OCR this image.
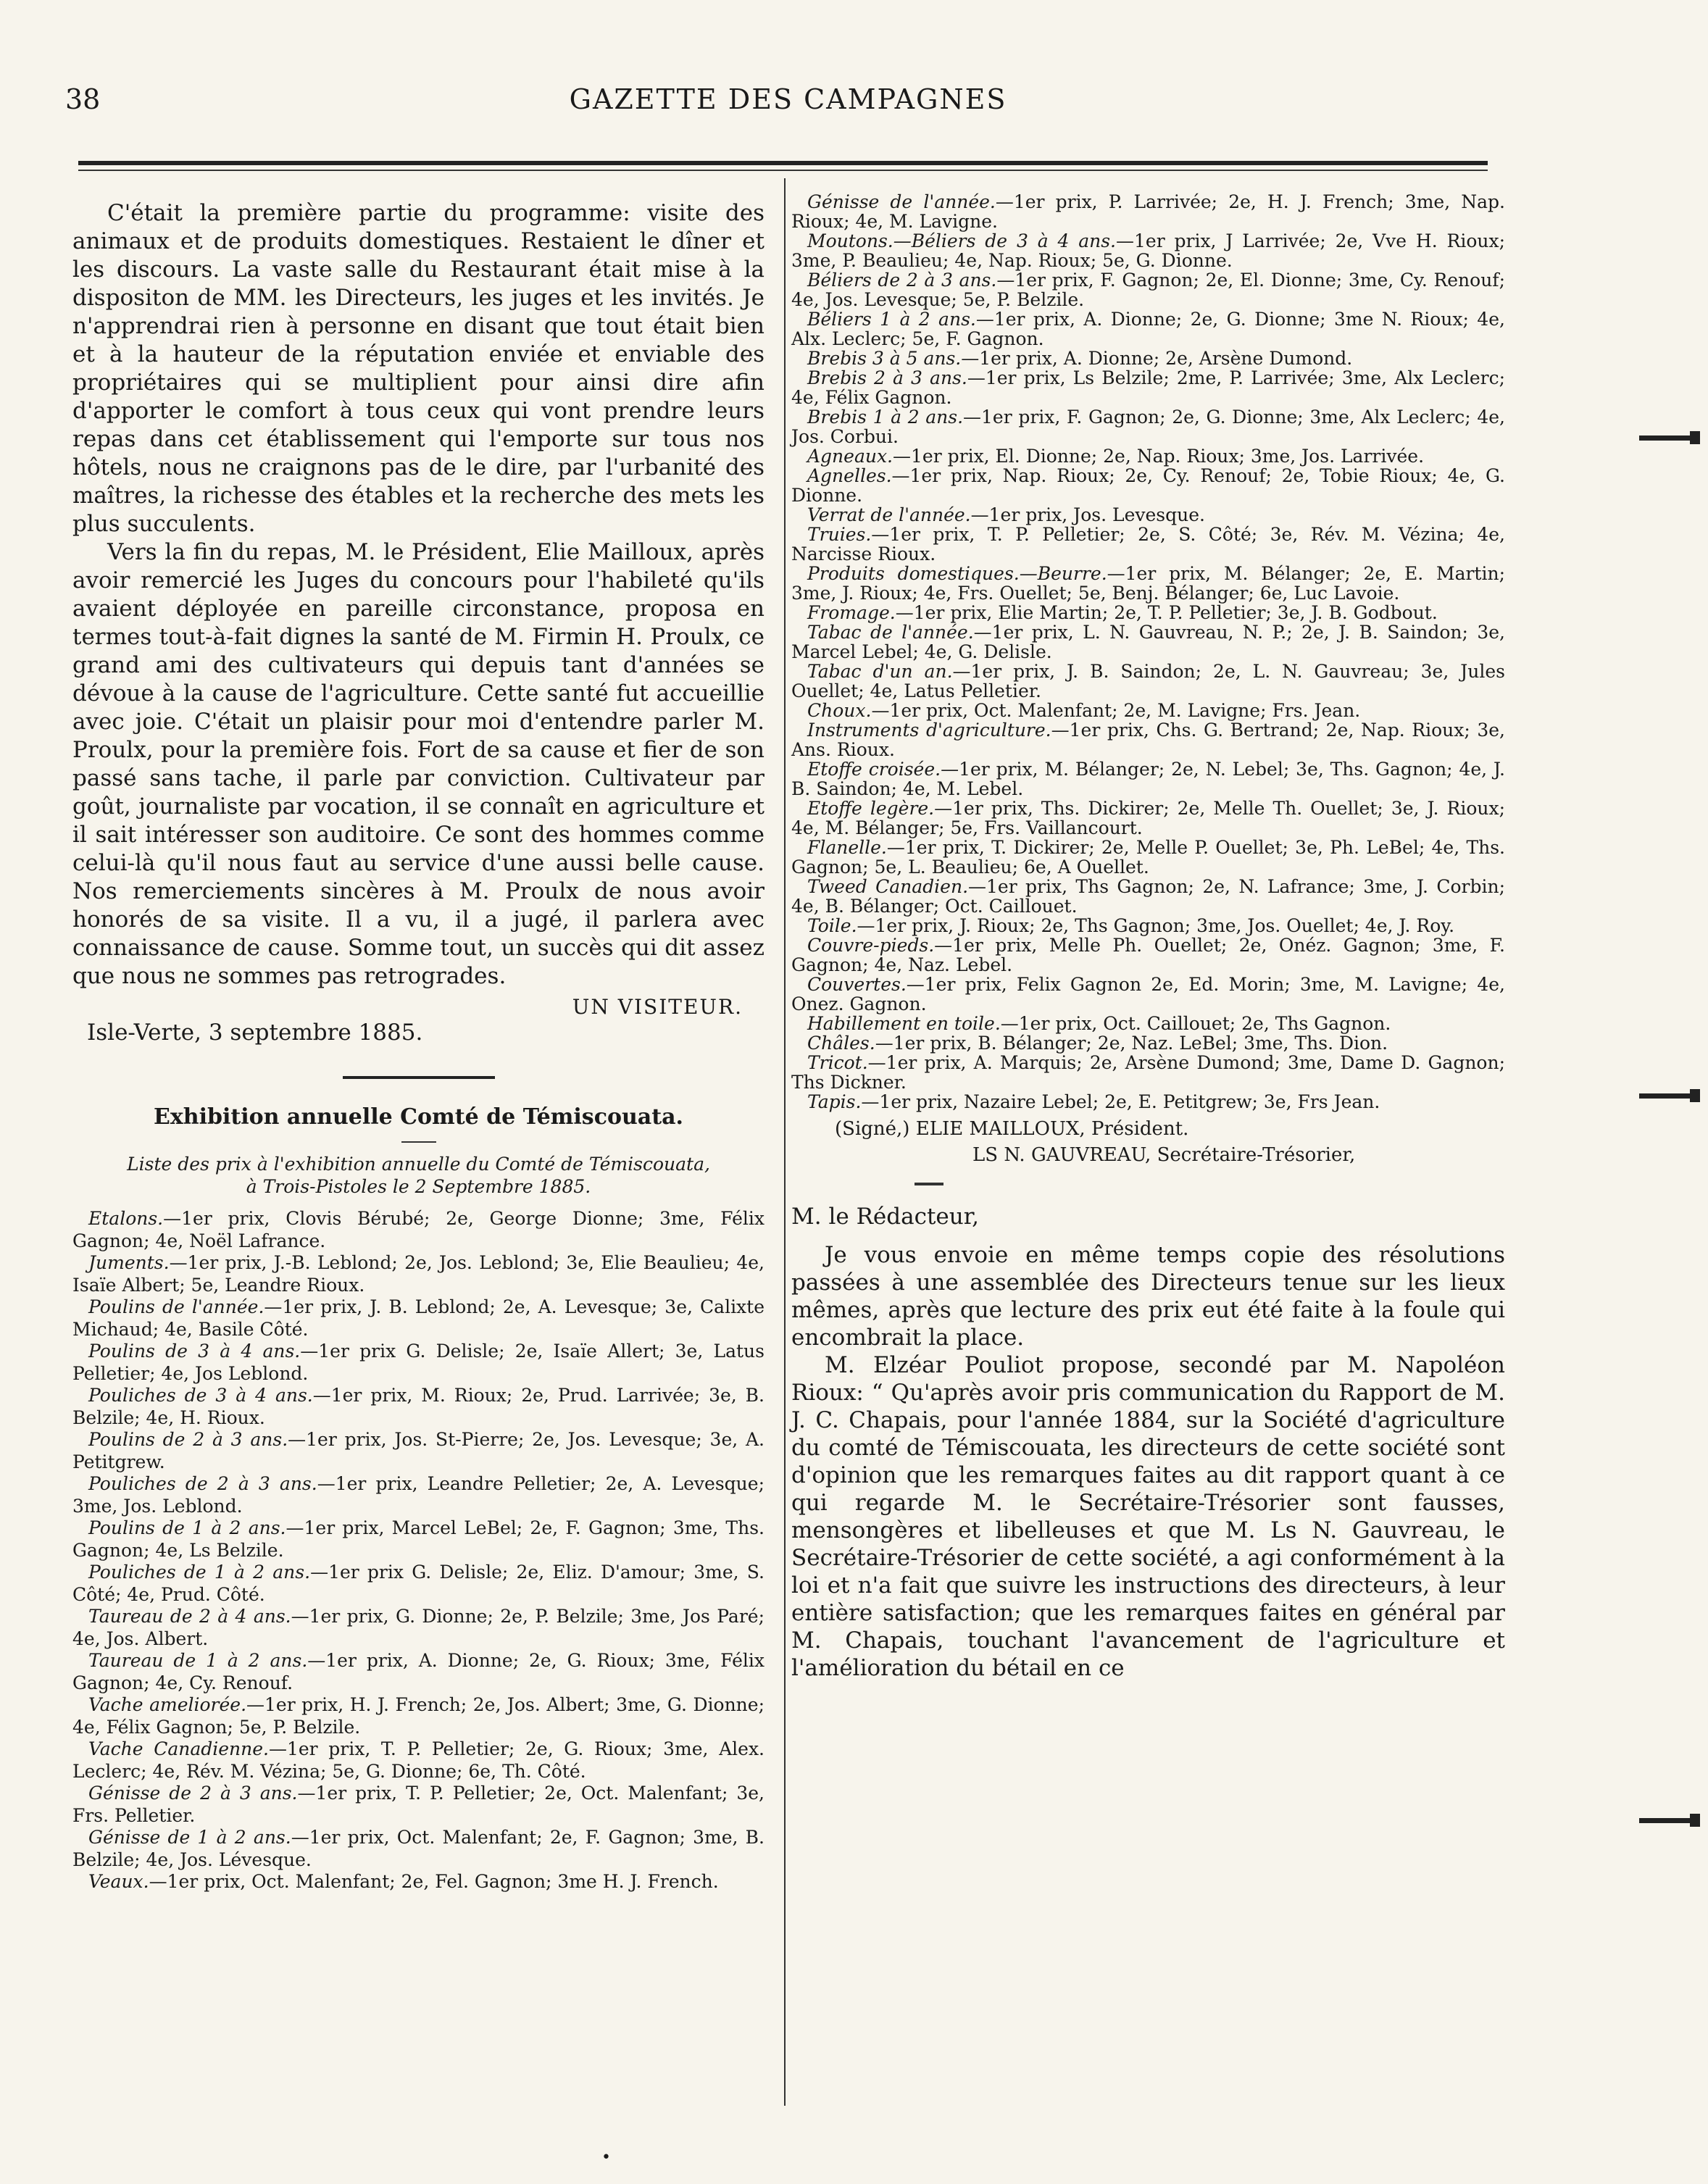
38	GAZETTE DES CAMPAGNES

C'était la première partie du programme: visite des animaux et de produits domestiques. Restaient le dîner et les discours. La vaste salle du Restaurant était mise à la dispositon de MM. les Directeurs, les juges et les invités. Je n'apprendrai rien à personne en disant que tout était bien et à la hauteur de la réputation enviée et enviable des propriétaires qui se multiplient pour ainsi dire afin d'apporter le comfort à tous ceux qui vont prendre leurs repas dans cet établissement qui l'emporte sur tous nos hôtels, nous ne craignons pas de le dire, par l'urbanité des maîtres, la richesse des étables et la recherche des mets les plus succulents.

Vers la fin du repas, M. le Président, Elie Mailloux, après avoir remercié les Juges du concours pour l'habileté qu'ils avaient déployée en pareille circonstance, proposa en termes tout-à-fait dignes la santé de M. Firmin H. Proulx, ce grand ami des cultivateurs qui depuis tant d'années se dévoue à la cause de l'agriculture. Cette santé fut accueillie avec joie. C'était un plaisir pour moi d'entendre parler M. Proulx, pour la première fois. Fort de sa cause et fier de son passé sans tache, il parle par conviction. Cultivateur par goût, journaliste par vocation, il se connaît en agriculture et il sait intéresser son auditoire. Ce sont des hommes comme celui-là qu'il nous faut au service d'une aussi belle cause. Nos remerciements sincères à M. Proulx de nous avoir honorés de sa visite. Il a vu, il a jugé, il parlera avec connaissance de cause. Somme tout, un succès qui dit assez que nous ne sommes pas retrogrades.

UN VISITEUR.

Isle-Verte, 3 septembre 1885.

Exhibition annuelle Comté de Témiscouata.
Liste des prix à l'exhibition annuelle du Comté de Témiscouata,
à Trois-Pistoles le 2 Septembre 1885.

Etalons.—1er prix, Clovis Bérubé; 2e, George Dionne; 3me, Félix Gagnon; 4e, Noël Lafrance.

Juments.—1er prix, J.-B. Leblond; 2e, Jos. Leblond; 3e, Elie Beaulieu; 4e, Isaïe Albert; 5e, Leandre Rioux.

Poulins de l'année.—1er prix, J. B. Leblond; 2e, A. Levesque; 3e, Calixte Michaud; 4e, Basile Côté.

Poulins de 3 à 4 ans.—1er prix G. Delisle; 2e, Isaïe Allert; 3e, Latus Pelletier; 4e, Jos Leblond.

Pouliches de 3 à 4 ans.—1er prix, M. Rioux; 2e, Prud. Larrivée; 3e, B. Belzile; 4e, H. Rioux.

Poulins de 2 à 3 ans.—1er prix, Jos. St-Pierre; 2e, Jos. Levesque; 3e, A. Petitgrew.

Pouliches de 2 à 3 ans.—1er prix, Leandre Pelletier; 2e, A. Levesque; 3me, Jos. Leblond.

Poulins de 1 à 2 ans.—1er prix, Marcel LeBel; 2e, F. Gagnon; 3me, Ths. Gagnon; 4e, Ls Belzile.

Pouliches de 1 à 2 ans.—1er prix G. Delisle; 2e, Eliz. D'amour; 3me, S. Côté; 4e, Prud. Côté.

Taureau de 2 à 4 ans.—1er prix, G. Dionne; 2e, P. Belzile; 3me, Jos Paré; 4e, Jos. Albert.

Taureau de 1 à 2 ans.—1er prix, A. Dionne; 2e, G. Rioux; 3me, Félix Gagnon; 4e, Cy. Renouf.

Vache ameliorée.—1er prix, H. J. French; 2e, Jos. Albert; 3me, G. Dionne; 4e, Félix Gagnon; 5e, P. Belzile.

Vache Canadienne.—1er prix, T. P. Pelletier; 2e, G. Rioux; 3me, Alex. Leclerc; 4e, Rév. M. Vézina; 5e, G. Dionne; 6e, Th. Côté.

Génisse de 2 à 3 ans.—1er prix, T. P. Pelletier; 2e, Oct. Malenfant; 3e, Frs. Pelletier.

Génisse de 1 à 2 ans.—1er prix, Oct. Malenfant; 2e, F. Gagnon; 3me, B. Belzile; 4e, Jos. Lévesque.

Veaux.—1er prix, Oct. Malenfant; 2e, Fel. Gagnon; 3me H. J. French.

Génisse de l'année.—1er prix, P. Larrivée; 2e, H. J. French; 3me, Nap. Rioux; 4e, M. Lavigne.

Moutons.—Béliers de 3 à 4 ans.—1er prix, J Larrivée; 2e, Vve H. Rioux; 3me, P. Beaulieu; 4e, Nap. Rioux; 5e, G. Dionne.

Béliers de 2 à 3 ans.—1er prix, F. Gagnon; 2e, El. Dionne; 3me, Cy. Renouf; 4e, Jos. Levesque; 5e, P. Belzile.

Béliers 1 à 2 ans.—1er prix, A. Dionne; 2e, G. Dionne; 3me N. Rioux; 4e, Alx. Leclerc; 5e, F. Gagnon.

Brebis 3 à 5 ans.—1er prix, A. Dionne; 2e, Arsène Dumond.

Brebis 2 à 3 ans.—1er prix, Ls Belzile; 2me, P. Larrivée; 3me, Alx Leclerc; 4e, Félix Gagnon.

Brebis 1 à 2 ans.—1er prix, F. Gagnon; 2e, G. Dionne; 3me, Alx Leclerc; 4e, Jos. Corbui.

Agneaux.—1er prix, El. Dionne; 2e, Nap. Rioux; 3me, Jos. Larrivée.

Agnelles.—1er prix, Nap. Rioux; 2e, Cy. Renouf; 2e, Tobie Rioux; 4e, G. Dionne.

Verrat de l'année.—1er prix, Jos. Levesque.

Truies.—1er prix, T. P. Pelletier; 2e, S. Côté; 3e, Rév. M. Vézina; 4e, Narcisse Rioux.

Produits domestiques.—Beurre.—1er prix, M. Bélanger; 2e, E. Martin; 3me, J. Rioux; 4e, Frs. Ouellet; 5e, Benj. Bélanger; 6e, Luc Lavoie.

Fromage.—1er prix, Elie Martin; 2e, T. P. Pelletier; 3e, J. B. Godbout.

Tabac de l'année.—1er prix, L. N. Gauvreau, N. P.; 2e, J. B. Saindon; 3e, Marcel Lebel; 4e, G. Delisle.

Tabac d'un an.—1er prix, J. B. Saindon; 2e, L. N. Gauvreau; 3e, Jules Ouellet; 4e, Latus Pelletier.

Choux.—1er prix, Oct. Malenfant; 2e, M. Lavigne; Frs. Jean.

Instruments d'agriculture.—1er prix, Chs. G. Bertrand; 2e, Nap. Rioux; 3e, Ans. Rioux.

Etoffe croisée.—1er prix, M. Bélanger; 2e, N. Lebel; 3e, Ths. Gagnon; 4e, J. B. Saindon; 4e, M. Lebel.

Etoffe legère.—1er prix, Ths. Dickirer; 2e, Melle Th. Ouellet; 3e, J. Rioux; 4e, M. Bélanger; 5e, Frs. Vaillancourt.

Flanelle.—1er prix, T. Dickirer; 2e, Melle P. Ouellet; 3e, Ph. LeBel; 4e, Ths. Gagnon; 5e, L. Beaulieu; 6e, A Ouellet.

Tweed Canadien.—1er prix, Ths Gagnon; 2e, N. Lafrance; 3me, J. Corbin; 4e, B. Bélanger; Oct. Caillouet.

Toile.—1er prix, J. Rioux; 2e, Ths Gagnon; 3me, Jos. Ouellet; 4e, J. Roy.

Couvre-pieds.—1er prix, Melle Ph. Ouellet; 2e, Onéz. Gagnon; 3me, F. Gagnon; 4e, Naz. Lebel.

Couvertes.—1er prix, Felix Gagnon 2e, Ed. Morin; 3me, M. Lavigne; 4e, Onez. Gagnon.

Habillement en toile.—1er prix, Oct. Caillouet; 2e, Ths Gagnon.

Châles.—1er prix, B. Bélanger; 2e, Naz. LeBel; 3me, Ths. Dion.

Tricot.—1er prix, A. Marquis; 2e, Arsène Dumond; 3me, Dame D. Gagnon; Ths Dickner.

Tapis.—1er prix, Nazaire Lebel; 2e, E. Petitgrew; 3e, Frs Jean.

(Signé,) ELIE MAILLOUX, Président.
LS N. GAUVREAU, Secrétaire-Trésorier,

M. le Rédacteur,

Je vous envoie en même temps copie des résolutions passées à une assemblée des Directeurs tenue sur les lieux mêmes, après que lecture des prix eut été faite à la foule qui encombrait la place.

M. Elzéar Pouliot propose, secondé par M. Napoléon Rioux: “ Qu'après avoir pris communication du Rapport de M. J. C. Chapais, pour l'année 1884, sur la Société d'agriculture du comté de Témiscouata, les directeurs de cette société sont d'opinion que les remarques faites au dit rapport quant à ce qui regarde M. le Secrétaire-Trésorier sont fausses, mensongères et libelleuses et que M. Ls N. Gauvreau, le Secrétaire-Trésorier de cette société, a agi conformément à la loi et n'a fait que suivre les instructions des directeurs, à leur entière satisfaction; que les remarques faites en général par M. Chapais, touchant l'avancement de l'agriculture et l'amélioration du bétail en ce

•
